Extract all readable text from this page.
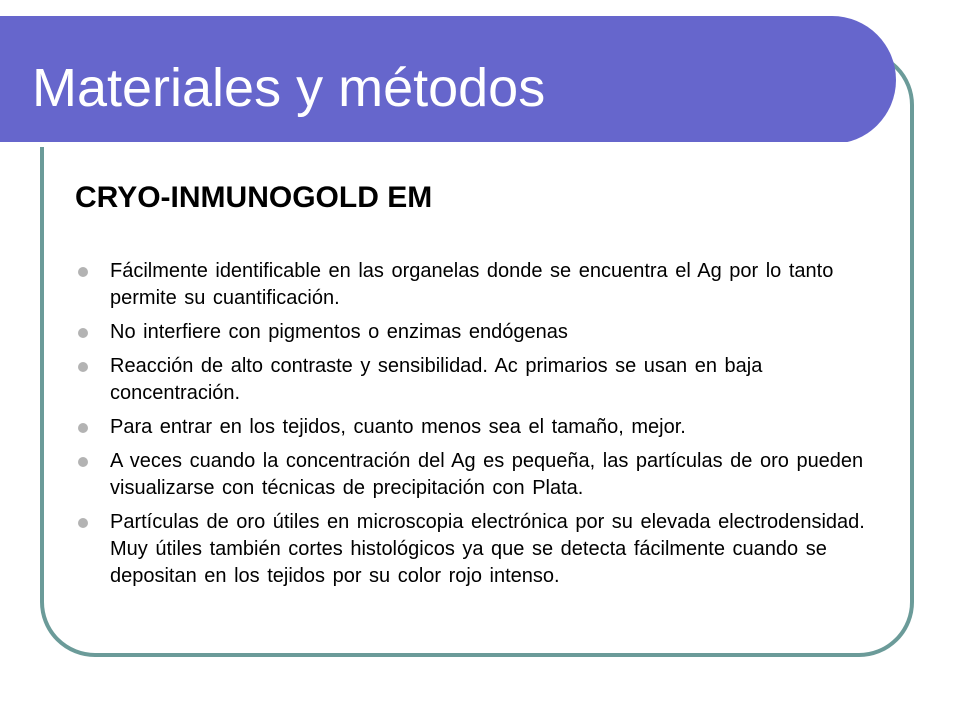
Materiales y métodos
CRYO-INMUNOGOLD EM
Fácilmente identificable en las organelas donde se encuentra el Ag por lo tanto permite su cuantificación.
No interfiere con pigmentos o enzimas endógenas
Reacción de alto contraste y sensibilidad. Ac primarios se usan en baja concentración.
Para entrar en los tejidos, cuanto menos sea el tamaño, mejor.
A veces cuando la concentración del Ag es pequeña, las partículas de oro pueden visualizarse con técnicas de precipitación con Plata.
Partículas de oro útiles en microscopia electrónica por su elevada electrodensidad. Muy útiles también cortes histológicos ya que se detecta fácilmente cuando se depositan en los tejidos por su color rojo intenso.
